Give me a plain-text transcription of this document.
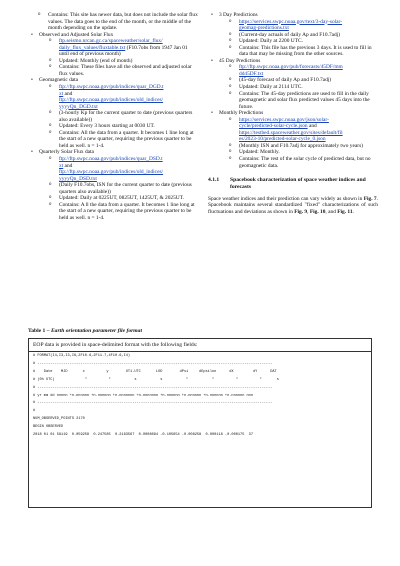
o Contains: This site has newer data, but does not include the solar flux values. The data goes to the end of the month, or the middle of the month depending on the update.
• Observed and Adjusted Solar Flux
o ftp.seismo.nrcan.gc.ca/spaceweather/solar_flux/
daily_flux_values/fluxtable.txt (F10.7obs from 1947 Jan 01 until end of previous month)
o Updated: Monthly (end of month)
o Contains: These files have all the observed and adjusted solar flux values.
• Geomagnetic data
o ftp://ftp.swpc.noaa.gov/pub/indices/quar_DGD.t
xt and
ftp://ftp.swpc.noaa.gov/pub/indices/old_indices/
yyyyQn_DGD.txt
o (3-hourly Kp for the current quarter to date (previous quarters also available))
o Updated: Every 3 hours starting at 0030 UT.
o Contains: All the data from a quarter. It becomes 1 line long at the start of a new quarter, requiring the previous quarter to be held as well. n = 1-4.
• Quarterly Solar Flux data
o ftp://ftp.swpc.noaa.gov/pub/indices/quar_DSD.t
xt and
ftp://ftp.swpc.noaa.gov/pub/indices/old_indices/
yyyyQn_DSD.txt
o (Daily F10.7obs, ISN for the current quarter to date (previous quarters also available))
o Updated: Daily at 0225UT, 0825UT, 1425UT, & 2025UT.
o Contains: A ll the data from a quarter. It becomes 1 line long at the start of a new quarter, requiring the previous quarter to be held as well. n = 1-4.
• 3 Day Predictions
o https://services.swpc.noaa.gov/text/3-day-solar-
geomag-predictions.txt
o (Current-day actuals of daily Ap and F10.7adj)
o Updated: Daily at 2200 UTC.
o Contains: This file has the previous 3 days. It is used to fill in data that may be missing from the other sources.
• 45 Day Predictions
o ftp://ftp.swpc.noaa.gov/pub/forecasts/45DF/mm
dd45DF.txt
o (45-day forecast of daily Ap and F10.7adj)
o Updated: Daily at 2114 UTC.
o Contains: The 45-day predictions are used to fill in the daily geomagnetic and solar flux predicted values 45 days into the future.
• Monthly Predictions
o https://services.swpc.noaa.gov/json/solar-
cycle/predicted-solar-cycle.json and
https://testbed.spaceweather.gov/sites/default/fil
es/2023-10/predicted-solar-cycle_0.json
o (Monthly ISN and F10.7adj for approximately two years)
o Updated: Monthly.
o Contains: The rest of the solar cycle of predicted data, but no geomagnetic data.
4.1.1	Spacebook characterization of space weather indices and forecasts
Space weather indices and their prediction can vary widely as shown in Fig. 7. Spacebook maintains several standardized "fixed" characterizations of such fluctuations and deviations as shown in Fig. 9, Fig. 10, and Fig. 11.
Table 1 – Earth orientation parameter file format
EOP data is provided in space-delimited format with the following fields:
# FORMAT(I4,I3,I3,I6,2F10.6,2F11.7,4F10.6,I4)
# -------------------------------------------------------------------------------------------------------------
#    Date    MJD       x          y        UT1-UTC       LOD        dPsi     dEpsilon      dX         dY      DAT
# (0h UTC)              "          "           s           s           "           "          "          "       s
# -------------------------------------------------------------------------------------------------------------
# yr mm dd nnnnn +n.nnnnnn +n.nnnnnn +n.nnnnnnn +n.nnnnnnn +n.nnnnnn +n.nnnnnn +n.nnnnnn +n.nnnnnn nnn
# -------------------------------------------------------------------------------------------------------------
#
NUM_OBSERVED_POINTS 2170
BEGIN OBSERVED
2018 01 01 58119  0.059258  0.247585  0.2163567  0.0008094 -0.105654 -0.008258  0.000118 -0.000175  37
